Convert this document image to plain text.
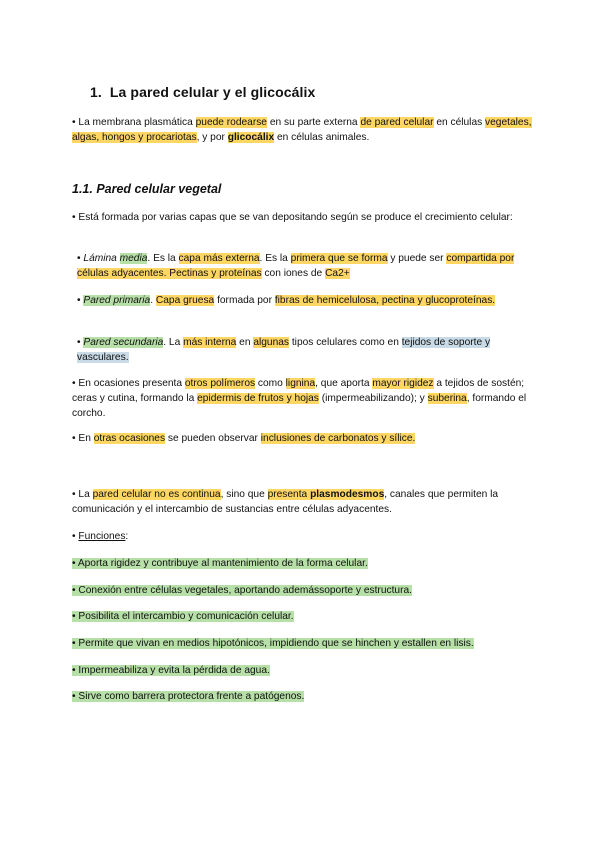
1. La pared celular y el glicocálix
• La membrana plasmática puede rodearse en su parte externa de pared celular en células vegetales, algas, hongos y procariotas, y por glicocálix en células animales.
1.1. Pared celular vegetal
• Está formada por varias capas que se van depositando según se produce el crecimiento celular:
• Lámina media. Es la capa más externa. Es la primera que se forma y puede ser compartida por células adyacentes. Pectinas y proteínas con iones de Ca2+
• Pared primaria. Capa gruesa formada por fibras de hemicelulosa, pectina y glucoproteínas.
• Pared secundaria. La más interna en algunas tipos celulares como en tejidos de soporte y vasculares.
• En ocasiones presenta otros polímeros como lignina, que aporta mayor rigidez a tejidos de sostén; ceras y cutina, formando la epidermis de frutos y hojas (impermeabilizando); y suberina, formando el corcho.
• En otras ocasiones se pueden observar inclusiones de carbonatos y sílice.
• La pared celular no es continua, sino que presenta plasmodesmos, canales que permiten la comunicación y el intercambio de sustancias entre células adyacentes.
• Funciones:
• Aporta rigidez y contribuye al mantenimiento de la forma celular.
• Conexión entre células vegetales, aportando ademássoporte y estructura.
• Posibilita el intercambio y comunicación celular.
• Permite que vivan en medios hipotónicos, impidiendo que se hinchen y estallen en lisis.
• Impermeabiliza y evita la pérdida de agua.
• Sirve como barrera protectora frente a patógenos.
